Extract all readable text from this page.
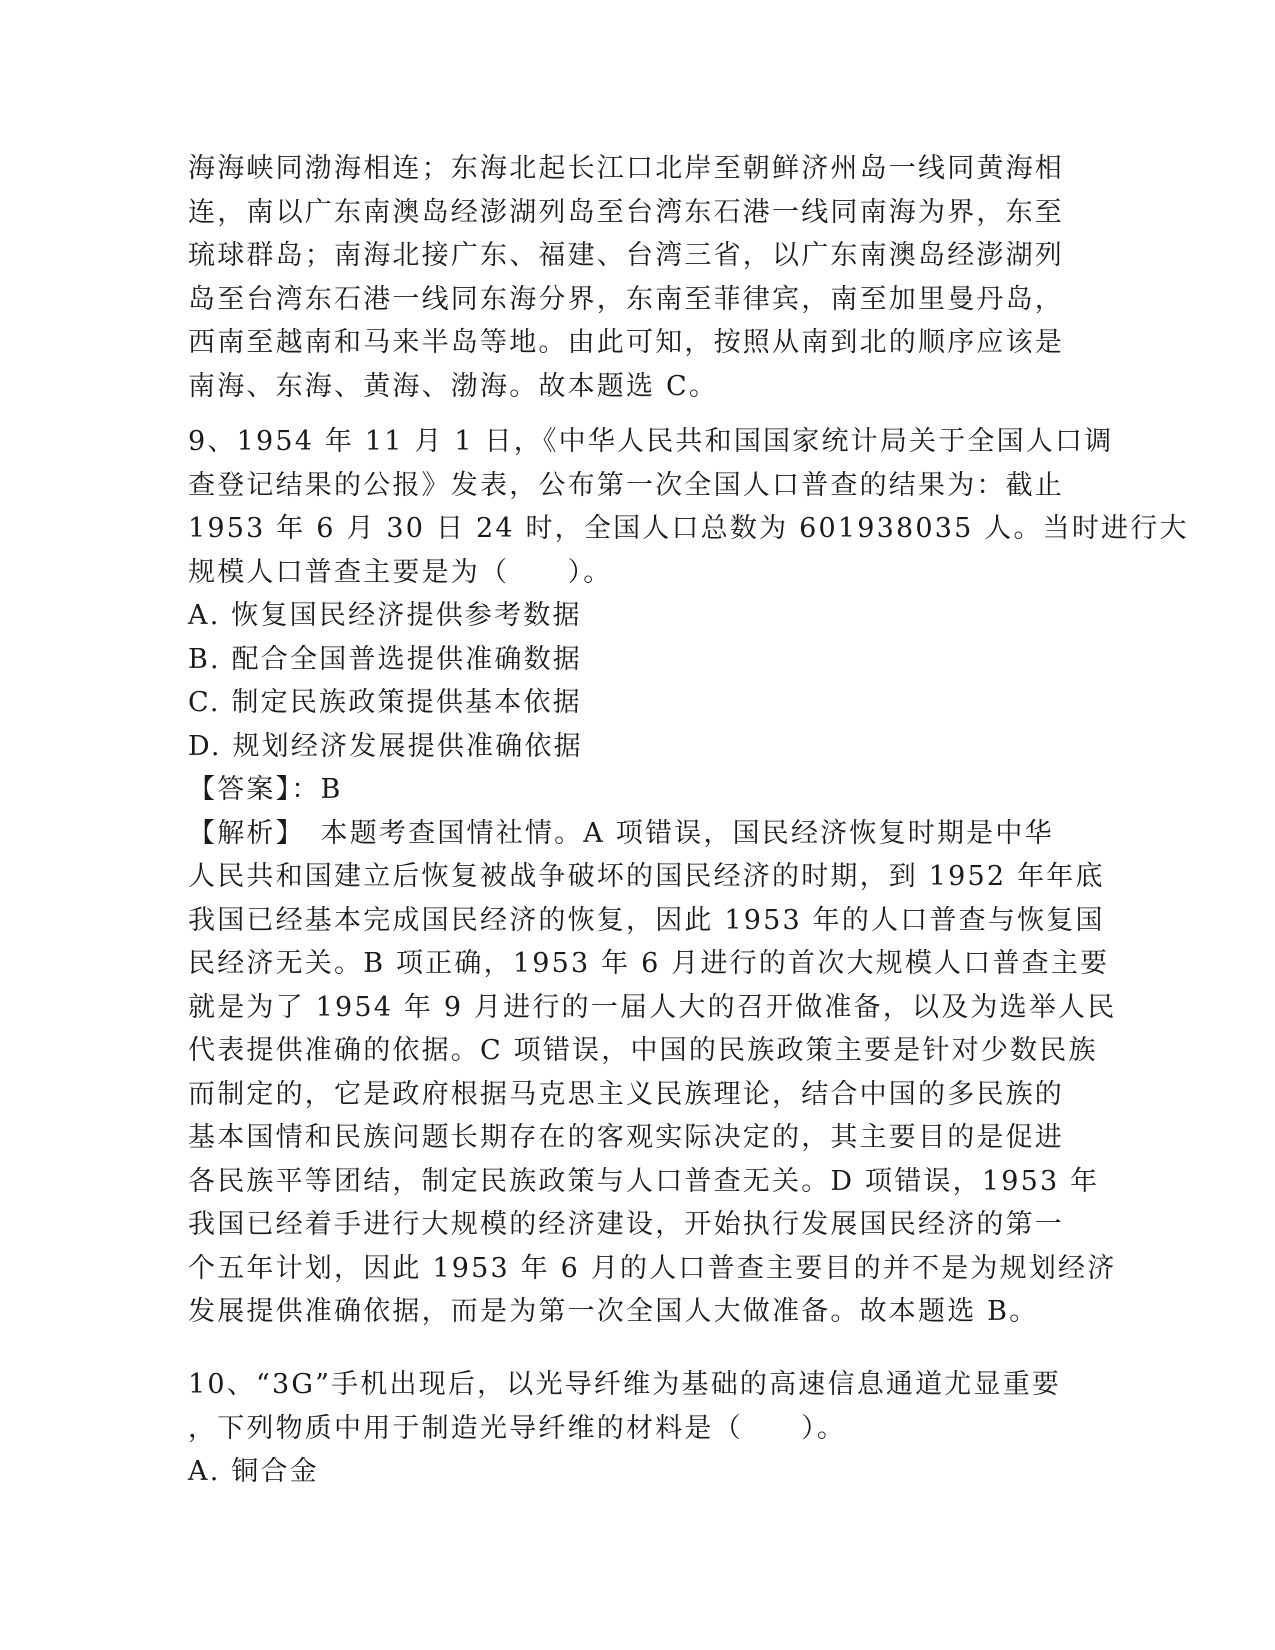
海海峡同渤海相连；东海北起长江口北岸至朝鲜济州岛一线同黄海相
连，南以广东南澳岛经澎湖列岛至台湾东石港一线同南海为界，东至
琉球群岛；南海北接广东、福建、台湾三省，以广东南澳岛经澎湖列
岛至台湾东石港一线同东海分界，东南至菲律宾，南至加里曼丹岛，
西南至越南和马来半岛等地。由此可知，按照从南到北的顺序应该是
南海、东海、黄海、渤海。故本题选 C。
9、1954 年 11 月 1 日，《中华人民共和国国家统计局关于全国人口调
查登记结果的公报》发表，公布第一次全国人口普查的结果为：截止
1953 年 6 月 30 日 24 时，全国人口总数为 601938035 人。当时进行大
规模人口普查主要是为（　　）。
A. 恢复国民经济提供参考数据
B. 配合全国普选提供准确数据
C. 制定民族政策提供基本依据
D. 规划经济发展提供准确依据
【答案】：B
【解析】　本题考查国情社情。A 项错误，国民经济恢复时期是中华
人民共和国建立后恢复被战争破坏的国民经济的时期，到 1952 年年底
我国已经基本完成国民经济的恢复，因此 1953 年的人口普查与恢复国
民经济无关。B 项正确，1953 年 6 月进行的首次大规模人口普查主要
就是为了 1954 年 9 月进行的一届人大的召开做准备，以及为选举人民
代表提供准确的依据。C 项错误，中国的民族政策主要是针对少数民族
而制定的，它是政府根据马克思主义民族理论，结合中国的多民族的
基本国情和民族问题长期存在的客观实际决定的，其主要目的是促进
各民族平等团结，制定民族政策与人口普查无关。D 项错误，1953 年
我国已经着手进行大规模的经济建设，开始执行发展国民经济的第一
个五年计划，因此 1953 年 6 月的人口普查主要目的并不是为规划经济
发展提供准确依据，而是为第一次全国人大做准备。故本题选 B。
10、“3G”手机出现后，以光导纤维为基础的高速信息通道尤显重要
，下列物质中用于制造光导纤维的材料是（　　）。
A. 铜合金
